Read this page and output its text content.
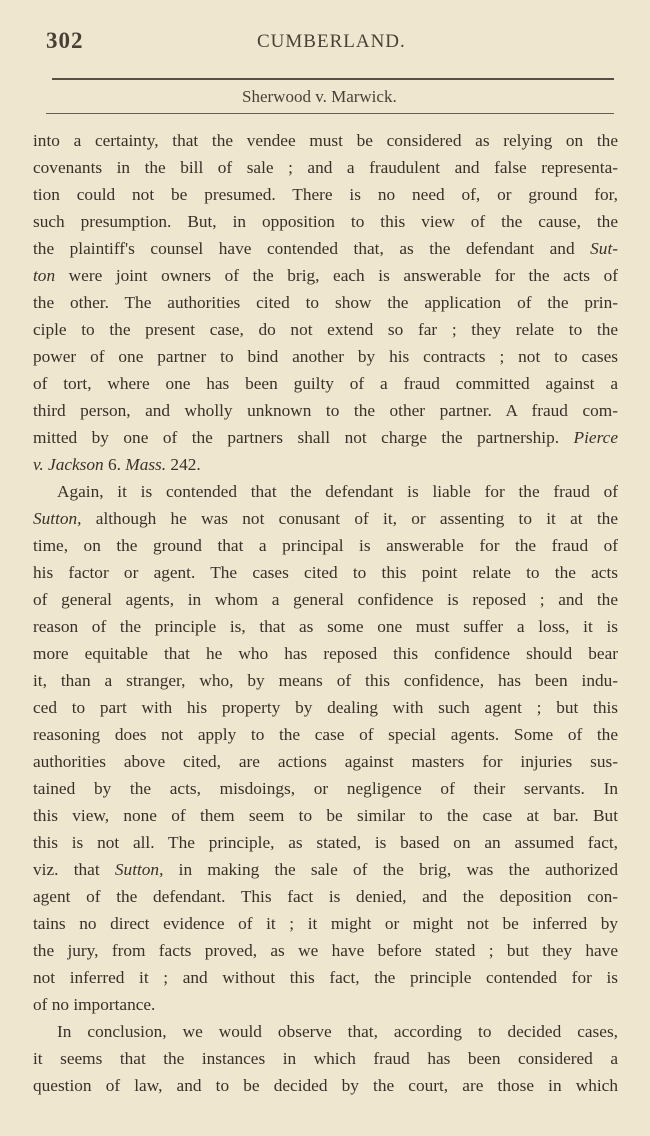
302	CUMBERLAND.
Sherwood v. Marwick.
into a certainty, that the vendee must be considered as relying on the
covenants in the bill of sale ; and a fraudulent and false representa-
tion could not be presumed. There is no need of, or ground for,
such presumption. But, in opposition to this view of the cause, the
the plaintiff's counsel have contended that, as the defendant and Sut-
ton were joint owners of the brig, each is answerable for the acts of
the other. The authorities cited to show the application of the prin-
ciple to the present case, do not extend so far ; they relate to the
power of one partner to bind another by his contracts ; not to cases
of tort, where one has been guilty of a fraud committed against a
third person, and wholly unknown to the other partner. A fraud com-
mitted by one of the partners shall not charge the partnership. Pierce
v. Jackson 6. Mass. 242.
Again, it is contended that the defendant is liable for the fraud of
Sutton, although he was not conusant of it, or assenting to it at the
time, on the ground that a principal is answerable for the fraud of
his factor or agent. The cases cited to this point relate to the acts
of general agents, in whom a general confidence is reposed ; and the
reason of the principle is, that as some one must suffer a loss, it is
more equitable that he who has reposed this confidence should bear
it, than a stranger, who, by means of this confidence, has been indu-
ced to part with his property by dealing with such agent ; but this
reasoning does not apply to the case of special agents. Some of the
authorities above cited, are actions against masters for injuries sus-
tained by the acts, misdoings, or negligence of their servants. In
this view, none of them seem to be similar to the case at bar. But
this is not all. The principle, as stated, is based on an assumed fact,
viz. that Sutton, in making the sale of the brig, was the authorized
agent of the defendant. This fact is denied, and the deposition con-
tains no direct evidence of it ; it might or might not be inferred by
the jury, from facts proved, as we have before stated ; but they have
not inferred it ; and without this fact, the principle contended for is
of no importance.
In conclusion, we would observe that, according to decided cases,
it seems that the instances in which fraud has been considered a
question of law, and to be decided by the court, are those in which
